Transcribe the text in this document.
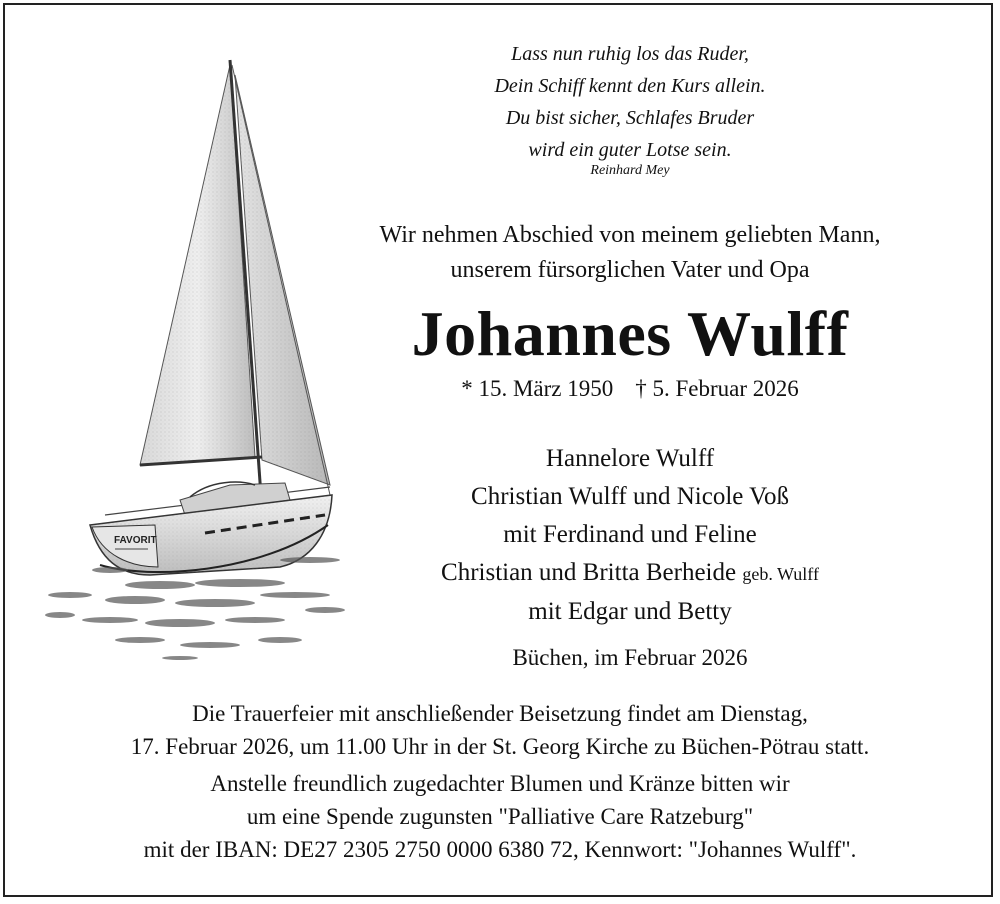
FAVORIT
Lass nun ruhig los das Ruder,
Dein Schiff kennt den Kurs allein.
Du bist sicher, Schlafes Bruder
wird ein guter Lotse sein.
Reinhard Mey
Wir nehmen Abschied von meinem geliebten Mann,
unserem fürsorglichen Vater und Opa
Johannes Wulff
* 15. März 1950 † 5. Februar 2026
Hannelore Wulff
Christian Wulff und Nicole Voß
mit Ferdinand und Feline
Christian und Britta Berheide geb. Wulff
mit Edgar und Betty
Büchen, im Februar 2026
Die Trauerfeier mit anschließender Beisetzung findet am Dienstag,
17. Februar 2026, um 11.00 Uhr in der St. Georg Kirche zu Büchen-Pötrau statt.
Anstelle freundlich zugedachter Blumen und Kränze bitten wir
um eine Spende zugunsten "Palliative Care Ratzeburg"
mit der IBAN: DE27 2305 2750 0000 6380 72, Kennwort: "Johannes Wulff".
